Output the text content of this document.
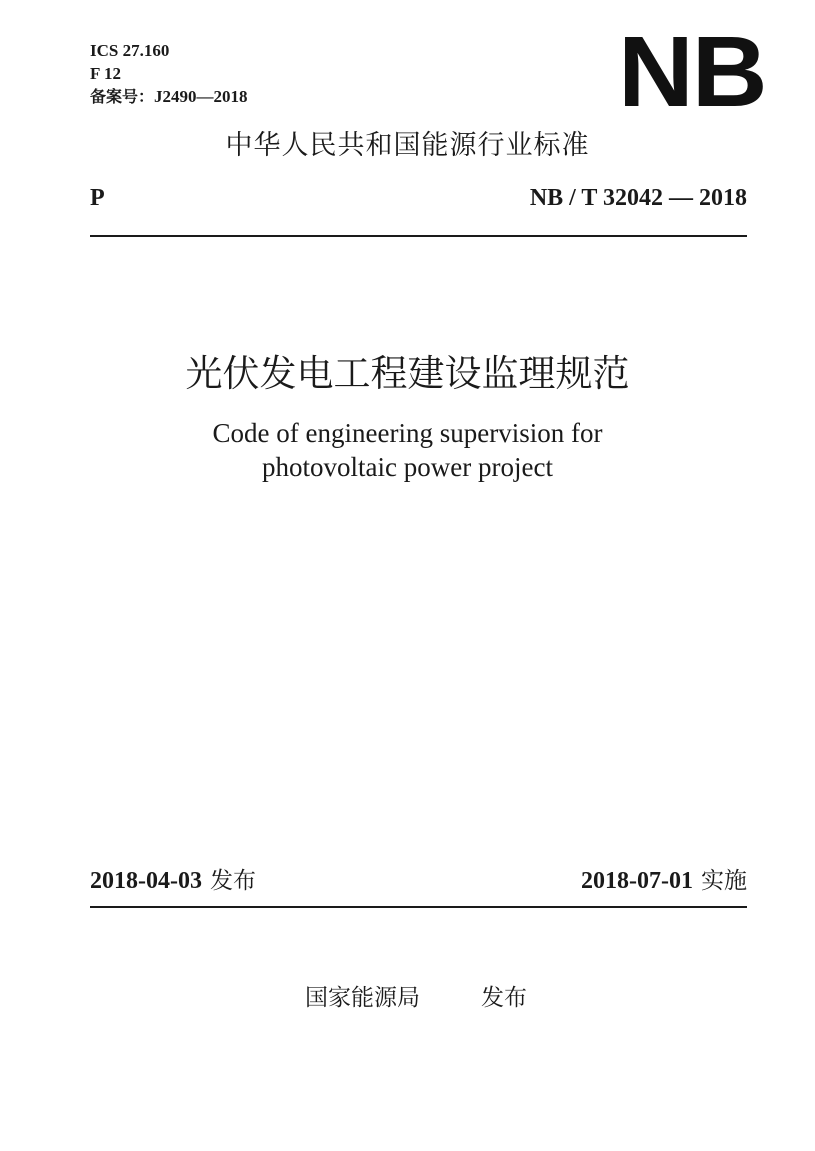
ICS 27.160
F 12
备案号：J2490—2018	NB
中华人民共和国能源行业标准
P	NB / T 32042 — 2018
光伏发电工程建设监理规范
Code of engineering supervision for
photovoltaic power project
2018-04-03 发布	2018-07-01 实施
国家能源局	发布
